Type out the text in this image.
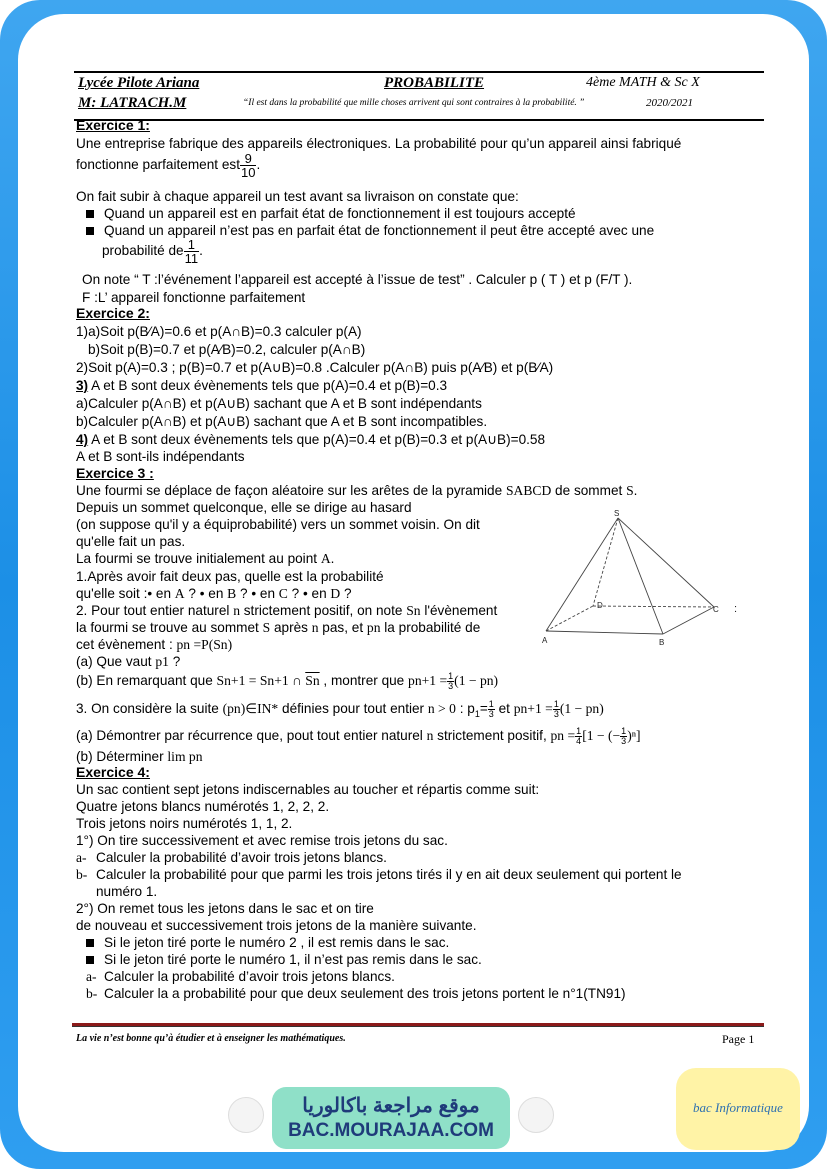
Lycée Pilote Ariana	PROBABILITE	4ème MATH & Sc X
M: LATRACH.M	“Il est dans la probabilité que mille choses arrivent qui sont contraires à la probabilité. ”	2020/2021
Exercice 1:
Une entreprise fabrique des appareils électroniques. La probabilité pour qu’un appareil ainsi fabriqué
fonctionne parfaitement est $\frac{9}{10}$ .
On fait subir à chaque appareil un test avant sa livraison on constate que:
Quand un appareil est en parfait état de fonctionnement il est toujours accepté
Quand un appareil n’est pas en parfait état de fonctionnement il peut être accepté avec une
probabilité de $\frac{1}{11}$ .
On note “ T :l’événement l’appareil est accepté à l’issue de test” . Calculer p ( T ) et p (F/T ).
F :L’ appareil fonctionne parfaitement
Exercice 2:
1)a)Soit p(B⁄A)=0.6 et p(A∩B)=0.3 calculer p(A)
b)Soit p(B)=0.7 et p(A⁄B)=0.2, calculer p(A∩B)
2)Soit p(A)=0.3 ; p(B)=0.7 et p(A∪B)=0.8 .Calculer p(A∩B) puis p(A⁄B) et p(B⁄A)
3) A et B sont deux évènements tels que p(A)=0.4 et p(B)=0.3
a)Calculer p(A∩B) et p(A∪B) sachant que A et B sont indépendants
b)Calculer p(A∩B) et p(A∪B) sachant que A et B sont incompatibles.
4) A et B sont deux évènements tels que p(A)=0.4 et p(B)=0.3 et p(A∪B)=0.58
A et B sont-ils indépendants
Exercice 3 :
Une fourmi se déplace de façon aléatoire sur les arêtes de la pyramide SABCD de sommet S.
Depuis un sommet quelconque, elle se dirige au hasard
(on suppose qu'il y a équiprobabilité) vers un sommet voisin. On dit
qu'elle fait un pas.
La fourmi se trouve initialement au point A.
1.Après avoir fait deux pas, quelle est la probabilité
qu'elle soit :• en A ? • en B ? • en C ? • en D ?
2. Pour tout entier naturel n strictement positif, on note Sn l'évènement
la fourmi se trouve au sommet S après n pas, et pn la probabilité de
cet évènement : pn =P(Sn)
(a) Que vaut p1 ?
(b) En remarquant que Sn+1 = Sn+1 ∩ $\overline{Sn}$ , montrer que $pn+1 = \frac{1}{3} (1 - pn)$
3. On considère la suite (pn)∈IN* définies pour tout entier n > 0 : $p_1= \frac{1}{3}$ et $pn+1 = \frac{1}{3} (1 - pn)$
(a) Démontrer par récurrence que, pout tout entier naturel n strictement positif, pn = $\frac{1}{4} [1$ − (− $\frac{1}{3} )^n$]
(b) Déterminer lim pn
S
A	B
C
D	:
Exercice 4:
Un sac contient sept jetons indiscernables au toucher et répartis comme suit:
Quatre jetons blancs numérotés 1, 2, 2, 2.
Trois jetons noirs numérotés 1, 1, 2.
1°) On tire successivement et avec remise trois jetons du sac.
a- Calculer la probabilité d’avoir trois jetons blancs.
b- Calculer la probabilité pour que parmi les trois jetons tirés il y en ait deux seulement qui portent le
numéro 1.
2°) On remet tous les jetons dans le sac et on tire
de nouveau et successivement trois jetons de la manière suivante.
Si le jeton tiré porte le numéro 2 , il est remis dans le sac.
Si le jeton tiré porte le numéro 1, il n’est pas remis dans le sac.
a- Calculer la probabilité d’avoir trois jetons blancs.
b- Calculer la a probabilité pour que deux seulement des trois jetons portent le n°1(TN91)
La vie n’est bonne qu’à étudier et à enseigner les mathématiques.	Page 1
موقع مراجعة باكالوريا
BAC.MOURAJAA.COM
bac Informatique
